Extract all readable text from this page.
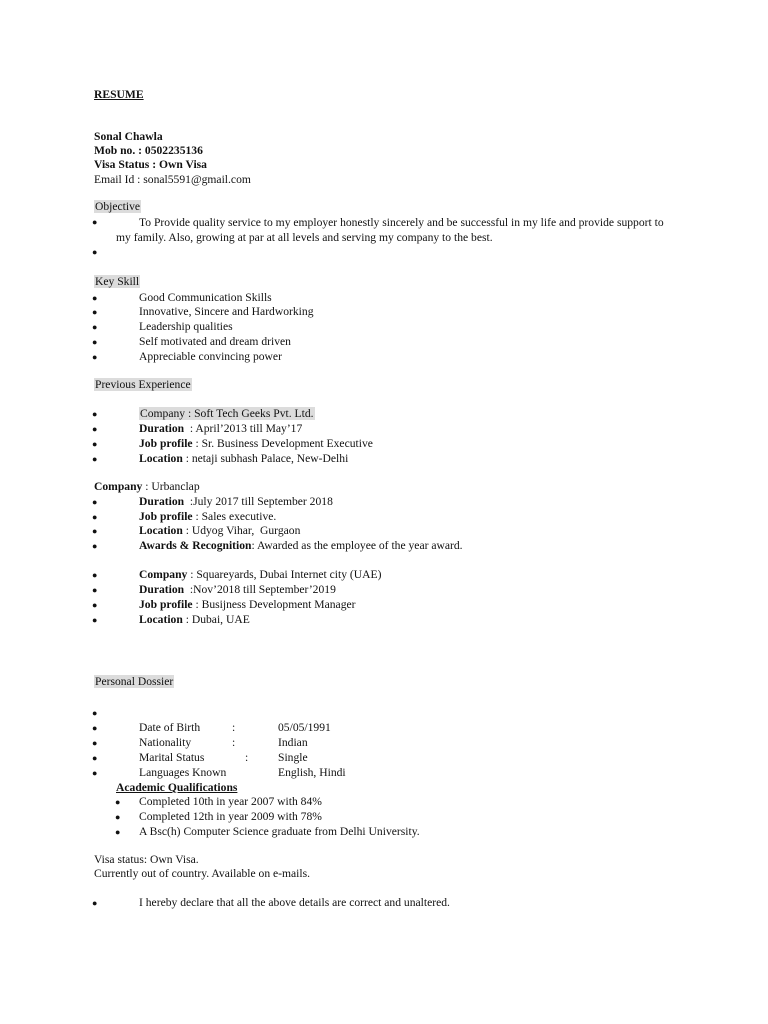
RESUME
Sonal Chawla
Mob no. : 0502235136
Visa Status : Own Visa
Email Id : sonal5591@gmail.com
Objective
●	To Provide quality service to my employer honestly sincerely and be successful in my life and provide support to my family. Also, growing at par at all levels and serving my company to the best.
●
Key Skill
●	Good Communication Skills
●	Innovative, Sincere and Hardworking
●	Leadership qualities
●	Self motivated and dream driven
●	Appreciable convincing power
Previous Experience
●	Company : Soft Tech Geeks Pvt. Ltd.
●	Duration  : April’2013 till May’17
●	Job profile : Sr. Business Development Executive
●	Location : netaji subhash Palace, New-Delhi
Company : Urbanclap
●	Duration  :July 2017 till September 2018
●	Job profile : Sales executive.
●	Location : Udyog Vihar,  Gurgaon
●	Awards & Recognition: Awarded as the employee of the year award.
●	Company : Squareyards, Dubai Internet city (UAE)
●	Duration  :Nov’2018 till September’2019
●	Job profile : Busijness Development Manager
●	Location : Dubai, UAE
Personal Dossier
●
●	Date of Birth	:	05/05/1991
●	Nationality	:	Indian
●	Marital Status	:	Single
●	Languages Known	English, Hindi
Academic Qualifications
● Completed 10th in year 2007 with 84%
● Completed 12th in year 2009 with 78%
● A Bsc(h) Computer Science graduate from Delhi University.
Visa status: Own Visa.
Currently out of country. Available on e-mails.
●	I hereby declare that all the above details are correct and unaltered.
